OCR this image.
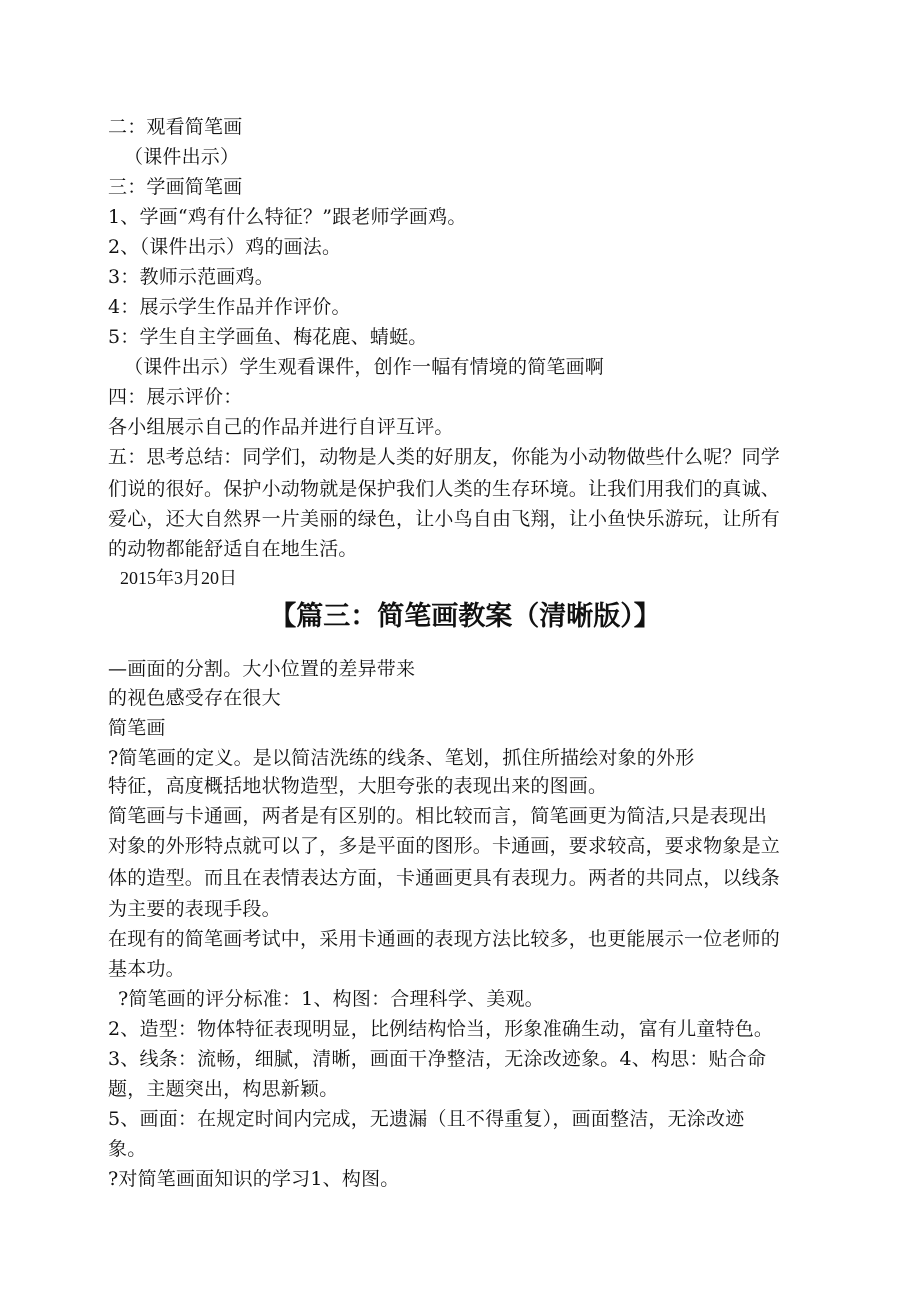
二：观看简笔画
（课件出示）
三：学画简笔画
1、学画“鸡有什么特征？”跟老师学画鸡。
2、（课件出示）鸡的画法。
3：教师示范画鸡。
4：展示学生作品并作评价。
5：学生自主学画鱼、梅花鹿、蜻蜓。
（课件出示）学生观看课件，创作一幅有情境的简笔画啊
四：展示评价：
各小组展示自己的作品并进行自评互评。
五：思考总结：同学们，动物是人类的好朋友，你能为小动物做些什么呢？同学
们说的很好。保护小动物就是保护我们人类的生存环境。让我们用我们的真诚、
爱心，还大自然界一片美丽的绿色，让小鸟自由飞翔，让小鱼快乐游玩，让所有
的动物都能舒适自在地生活。
2015年3月20日
【篇三：简笔画教案（清晰版）】
—画面的分割。大小位置的差异带来
的视色感受存在很大
简笔画
?简笔画的定义。是以简洁洗练的线条、笔划，抓住所描绘对象的外形
特征，高度概括地状物造型，大胆夸张的表现出来的图画。
简笔画与卡通画，两者是有区别的。相比较而言，简笔画更为简洁,只是表现出
对象的外形特点就可以了，多是平面的图形。卡通画，要求较高，要求物象是立
体的造型。而且在表情表达方面，卡通画更具有表现力。两者的共同点，以线条
为主要的表现手段。
在现有的简笔画考试中，采用卡通画的表现方法比较多，也更能展示一位老师的
基本功。
?简笔画的评分标准：1、构图：合理科学、美观。
2、造型：物体特征表现明显，比例结构恰当，形象准确生动，富有儿童特色。
3、线条：流畅，细腻，清晰，画面干净整洁，无涂改迹象。4、构思：贴合命
题，主题突出，构思新颖。
5、画面：在规定时间内完成，无遗漏（且不得重复），画面整洁，无涂改迹
象。
?对简笔画面知识的学习1、构图。
